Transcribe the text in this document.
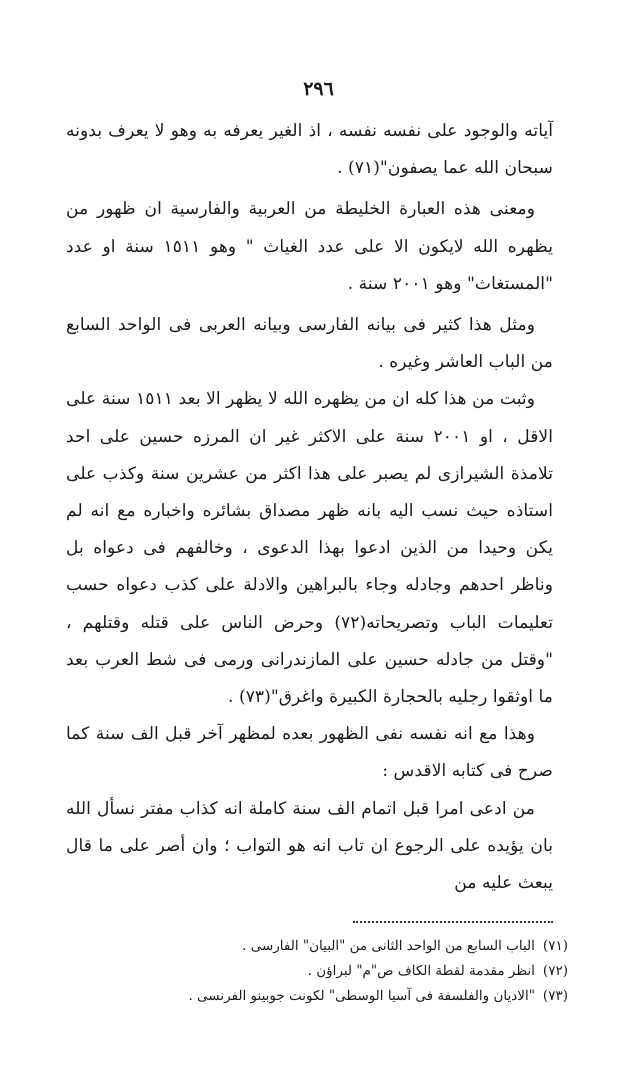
٢٩٦

آياته والوجود على نفسه نفسه ، اذ الغير يعرفه به وهو لا يعرف بدونه سبحان الله عما يصفون"(٧١) .

ومعنى هذه العبارة الخليطة من العربية والفارسية ان ظهور من يظهره الله لايكون الا على عدد الغياث " وهو ١٥١١ سنة او عدد "المستغاث" وهو ٢٠٠١ سنة .

ومثل هذا كثير فى بيانه الفارسى وبيانه العربى فى الواحد السابع من الباب العاشر وغيره .

وثبت من هذا كله ان من يظهره الله لا يظهر الا بعد ١٥١١ سنة على الاقل ، او ٢٠٠١ سنة على الاكثر غير ان المرزه حسين على احد تلامذة الشيرازى لم يصبر على هذا اكثر من عشرين سنة وكذب على استاذه حيث نسب اليه بانه ظهر مصداق بشائره واخباره مع انه لم يكن وحيدا من الذين ادعوا بهذا الدعوى ، وخالفهم فى دعواه بل وناظر احدهم وجادله وجاء بالبراهين والادلة على كذب دعواه حسب تعليمات الباب وتصريحاته(٧٢) وحرض الناس على قتله وقتلهم ، "وقتل من جادله حسين على المازندرانى ورمى فى شط العرب بعد ما اوثقوا رجليه بالحجارة الكبيرة واغرق"(٧٣) .

وهذا مع انه نفسه نفى الظهور بعده لمظهر آخر قبل الف سنة كما صرح فى كتابه الاقدس :

من ادعى امرا قبل اتمام الف سنة كاملة انه كذاب مفتر نسأل الله بان يؤيده على الرجوع ان تاب انه هو التواب ؛ وان أصر على ما قال يبعث عليه من

(٧١)الباب السابع من الواحد الثانى من "البيان" الفارسى .
(٧٢)انظر مقدمة لقطة الكاف ص"م" لبراؤن .
(٧٣)"الاديان والفلسفة فى آسيا الوسطى" لكونت جوبينو الفرنسى .
